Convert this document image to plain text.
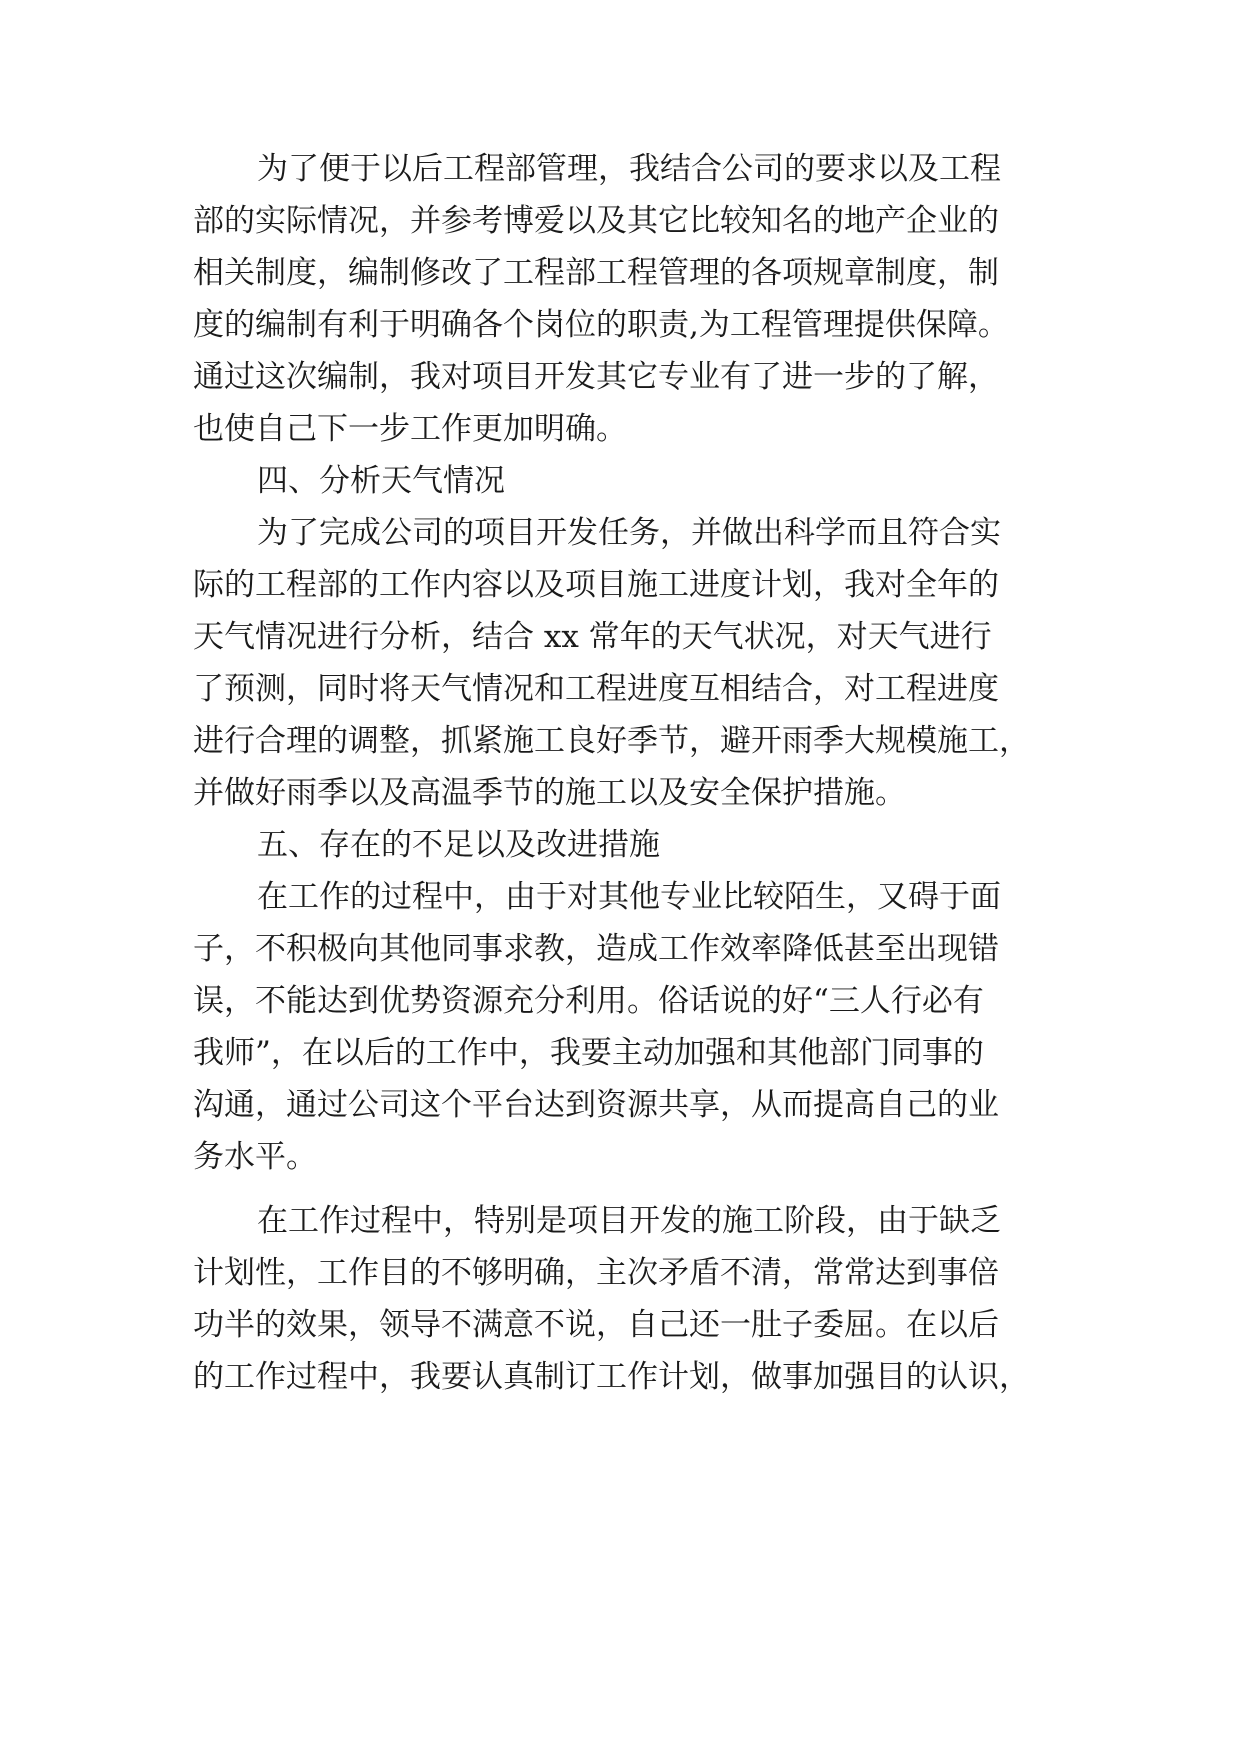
为了便于以后工程部管理，我结合公司的要求以及工程
部的实际情况，并参考博爱以及其它比较知名的地产企业的
相关制度，编制修改了工程部工程管理的各项规章制度，制
度的编制有利于明确各个岗位的职责,为工程管理提供保障。
通过这次编制，我对项目开发其它专业有了进一步的了解，
也使自己下一步工作更加明确。
四、分析天气情况
为了完成公司的项目开发任务，并做出科学而且符合实
际的工程部的工作内容以及项目施工进度计划，我对全年的
天气情况进行分析，结合 xx 常年的天气状况，对天气进行
了预测，同时将天气情况和工程进度互相结合，对工程进度
进行合理的调整，抓紧施工良好季节，避开雨季大规模施工，
并做好雨季以及高温季节的施工以及安全保护措施。
五、存在的不足以及改进措施
在工作的过程中，由于对其他专业比较陌生，又碍于面
子，不积极向其他同事求教，造成工作效率降低甚至出现错
误，不能达到优势资源充分利用。俗话说的好“三人行必有
我师”，在以后的工作中，我要主动加强和其他部门同事的
沟通，通过公司这个平台达到资源共享，从而提高自己的业
务水平。
在工作过程中，特别是项目开发的施工阶段，由于缺乏
计划性，工作目的不够明确，主次矛盾不清，常常达到事倍
功半的效果，领导不满意不说，自己还一肚子委屈。在以后
的工作过程中，我要认真制订工作计划，做事加强目的认识，
